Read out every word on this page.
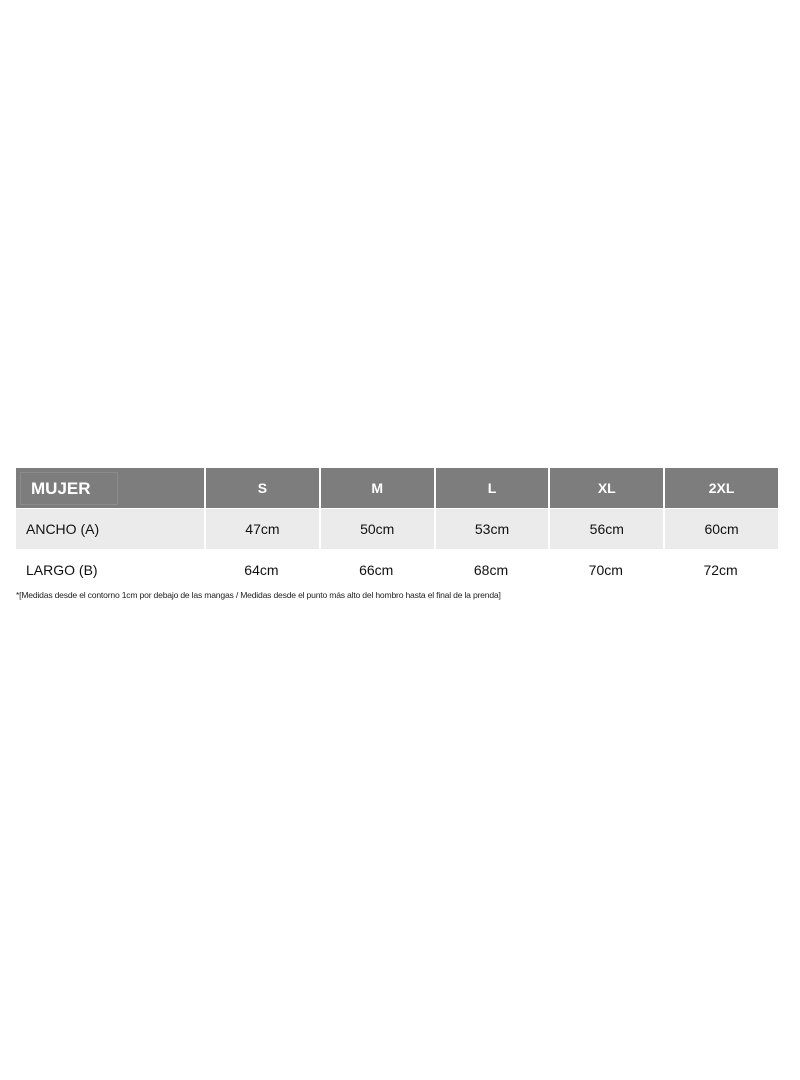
MUJER	S	M	L	XL	2XL
ANCHO (A)	47cm	50cm	53cm	56cm	60cm
LARGO (B)	64cm	66cm	68cm	70cm	72cm
*[Medidas desde el contorno 1cm por debajo de las mangas / Medidas desde el punto más alto del hombro hasta el final de la prenda]
